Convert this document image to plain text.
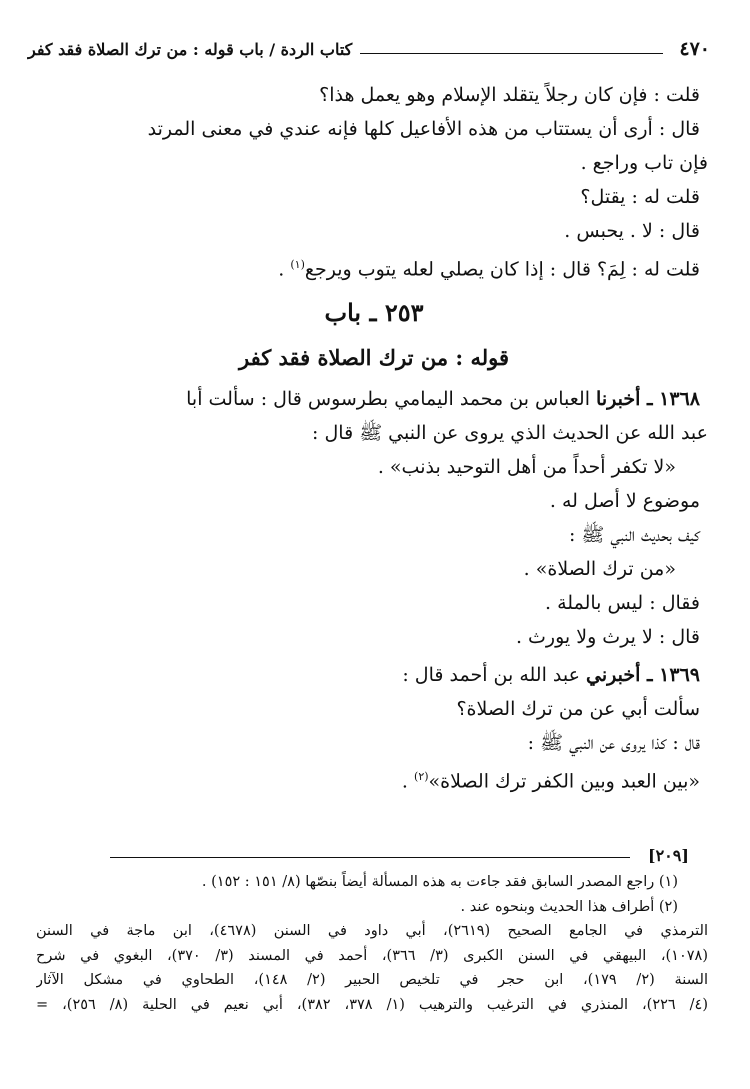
٤٧٠
كتاب الردة / باب قوله : من ترك الصلاة فقد كفر
قلت : فإن كان رجلاً يتقلد الإسلام وهو يعمل هذا؟
قال : أرى أن يستتاب من هذه الأفاعيل كلها فإنه عندي في معنى المرتد
فإن تاب وراجع .
قلت له : يقتل؟
قال : لا . يحبس .
قلت له : لِمَ؟ قال : إذا كان يصلي لعله يتوب ويرجع$^{(١)}$ .
٢٥٣ ـ باب
قوله : من ترك الصلاة فقد كفر
١٣٦٨ ـ أخبرنا العباس بن محمد اليمامي بطرسوس قال : سألت أبا
عبد الله عن الحديث الذي يروى عن النبي ﷺ قال :
«لا تكفر أحداً من أهل التوحيد بذنب» .
موضوع لا أصل له .
كيف بحديث النبي ﷺ :
«من ترك الصلاة» .
فقال : ليس بالملة .
قال : لا يرث ولا يورث .
١٣٦٩ ـ أخبرني عبد الله بن أحمد قال :
سألت أبي عن من ترك الصلاة؟
قال : كذا يروى عن النبي ﷺ :
«بين العبد وبين الكفر ترك الصلاة»$^{(٢)}$ .
[٢٠٩]
(١) راجع المصدر السابق فقد جاءت به هذه المسألة أيضاً بنصّها (٨/ ١٥١ : ١٥٢) .
(٢) أطراف هذا الحديث وبنحوه عند .
الترمذي في الجامع الصحيح (٢٦١٩)، أبي داود في السنن (٤٦٧٨)، ابن ماجة في السنن
(١٠٧٨)، البيهقي في السنن الكبرى (٣/ ٣٦٦)، أحمد في المسند (٣/ ٣٧٠)، البغوي في شرح
السنة (٢/ ١٧٩)، ابن حجر في تلخيص الحبير (٢/ ١٤٨)، الطحاوي في مشكل الآثار
(٤/ ٢٢٦)، المنذري في الترغيب والترهيب (١/ ٣٧٨، ٣٨٢)، أبي نعيم في الحلية (٨/ ٢٥٦)، =
